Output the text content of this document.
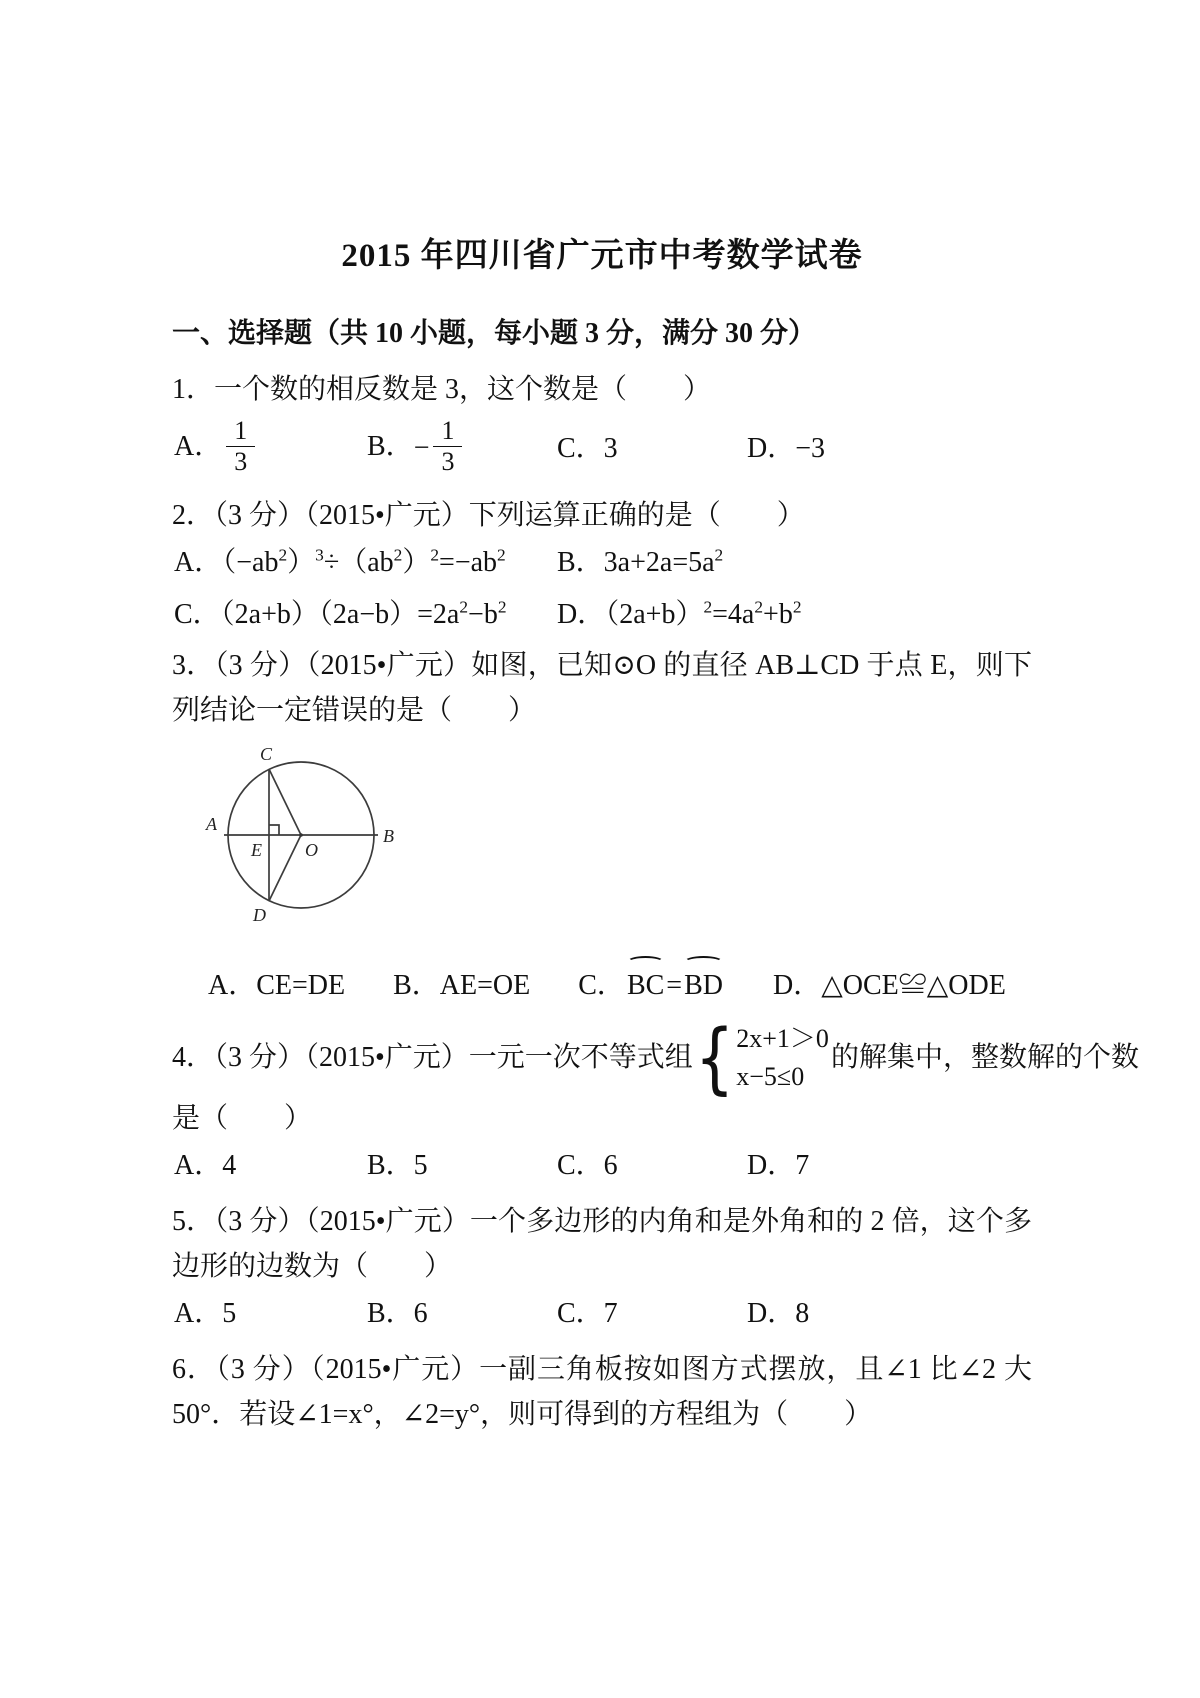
2015 年四川省广元市中考数学试卷
一、选择题（共 10 小题，每小题 3 分，满分 30 分）
1．一个数的相反数是 3，这个数是（　　）
A． $\frac{1}{3}$	B．− $\frac{1}{3}$	C．3	D．−3
2．（3 分）（2015•广元）下列运算正确的是（　　）
A．$(-ab^2)^3\div(ab^2)^2=-ab^2$	B．$3a+2a=5a^2$
C．$(2a+b)(2a-b)=2a^2-b^2$	D．$(2a+b)^2=4a^2+b^2$
3．（3 分）（2015•广元）如图，已知⊙O 的直径 AB⊥CD 于点 E，则下列结论一定错误的是（　　）
C
A
B
D
E O
A．CE=DE B．AE=OE C．BC=BD D．△OCE≌△ODE
4．（3 分）（2015•广元）一元一次不等式组 { 2x+1＞0
x−5≤0
的解集中，整数解的个数
是（　　）
A．4	B．5	C．6	D．7
5．（3 分）（2015•广元）一个多边形的内角和是外角和的 2 倍，这个多边形的边数为（　　）
A．5	B．6	C．7	D．8
6．（3 分）（2015•广元）一副三角板按如图方式摆放，且∠1 比∠2 大 50°．若设∠1=x°，∠2=y°，则可得到的方程组为（　　）
